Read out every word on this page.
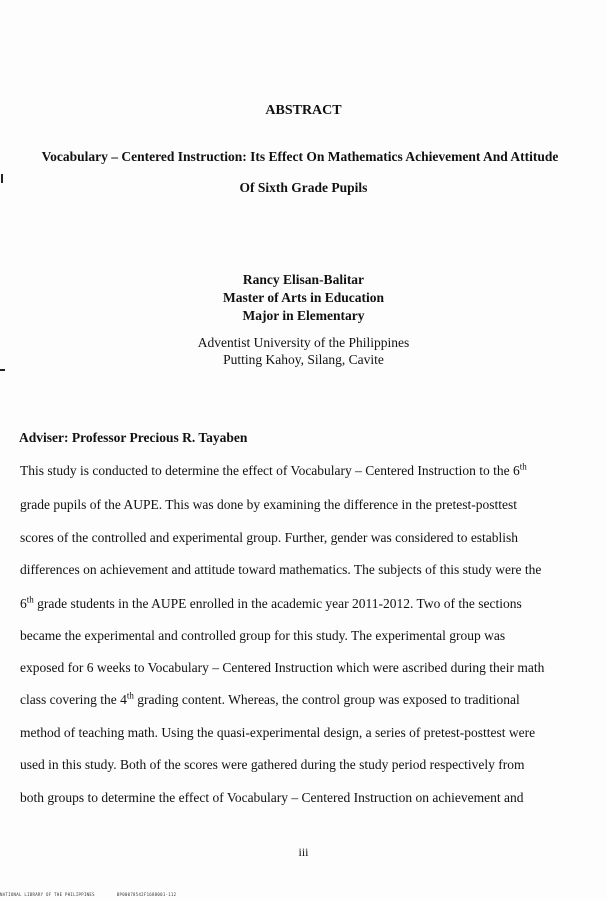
ABSTRACT
Vocabulary – Centered Instruction: Its Effect On Mathematics Achievement And Attitude
Of Sixth Grade Pupils
Rancy Elisan-Balitar
Master of Arts in Education
Major in Elementary
Adventist University of the Philippines
Putting Kahoy, Silang, Cavite
Adviser: Professor Precious R. Tayaben
This study is conducted to determine the effect of Vocabulary – Centered Instruction to the 6th
grade pupils of the AUPE. This was done by examining the difference in the pretest-posttest
scores of the controlled and experimental group. Further, gender was considered to establish
differences on achievement and attitude toward mathematics. The subjects of this study were the
6th grade students in the AUPE enrolled in the academic year 2011-2012. Two of the sections
became the experimental and controlled group for this study. The experimental group was
exposed for 6 weeks to Vocabulary – Centered Instruction which were ascribed during their math
class covering the 4th grading content. Whereas, the control group was exposed to traditional
method of teaching math. Using the quasi-experimental design, a series of pretest-posttest were
used in this study. Both of the scores were gathered during the study period respectively from
both groups to determine the effect of Vocabulary – Centered Instruction on achievement and
iii
NATIONAL LIBRARY OF THE PHILIPPINES	BP00078542F1688001-112
